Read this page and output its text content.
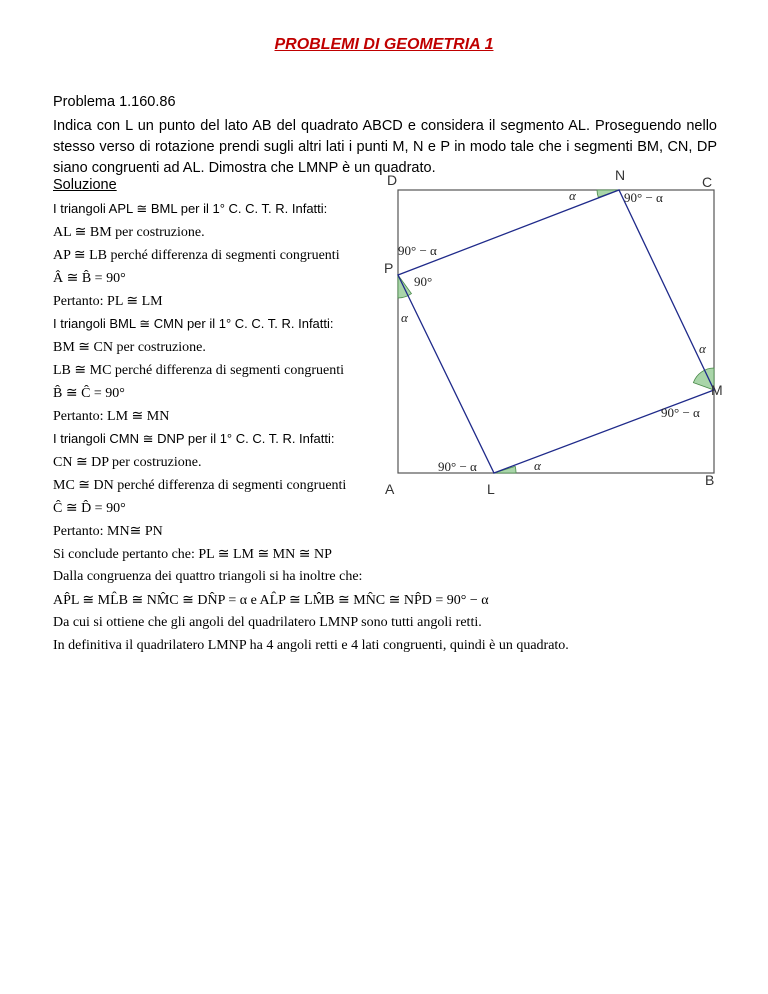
PROBLEMI DI GEOMETRIA 1
Problema 1.160.86
Indica con L un punto del lato AB del quadrato ABCD e considera il segmento AL. Proseguendo nello stesso verso di rotazione prendi sugli altri lati i punti M, N e P in modo tale che i segmenti BM, CN, DP siano congruenti ad AL. Dimostra che LMNP è un quadrato.
Soluzione
I triangoli APL ≅ BML per il 1° C. C. T. R. Infatti:
AL ≅ BM per costruzione.
AP ≅ LB perché differenza di segmenti congruenti
Â ≅ B̂ = 90°
Pertanto: PL ≅ LM
I triangoli BML ≅ CMN per il 1° C. C. T. R. Infatti:
BM ≅ CN per costruzione.
LB ≅ MC perché differenza di segmenti congruenti
B̂ ≅ Ĉ = 90°
Pertanto: LM ≅ MN
I triangoli CMN ≅ DNP per il 1° C. C. T. R. Infatti:
CN ≅ DP per costruzione.
MC ≅ DN perché differenza di segmenti congruenti
Ĉ ≅ D̂ = 90°
Pertanto: MN≅ PN
Si conclude pertanto che: PL ≅ LM ≅ MN ≅ NP
Dalla congruenza dei quattro triangoli si ha inoltre che:
AP̂L ≅ ML̂B ≅ NM̂C ≅ DN̂P = α e AL̂P ≅ LM̂B ≅ MN̂C ≅ NP̂D = 90° − α
Da cui si ottiene che gli angoli del quadrilatero LMNP sono tutti angoli retti.
In definitiva il quadrilatero LMNP ha 4 angoli retti e 4 lati congruenti, quindi è un quadrato.
D	C
A
B
N
P
M
L
α	90° − α
90° − α
90°
α
α
90° − α
90° − α	α
